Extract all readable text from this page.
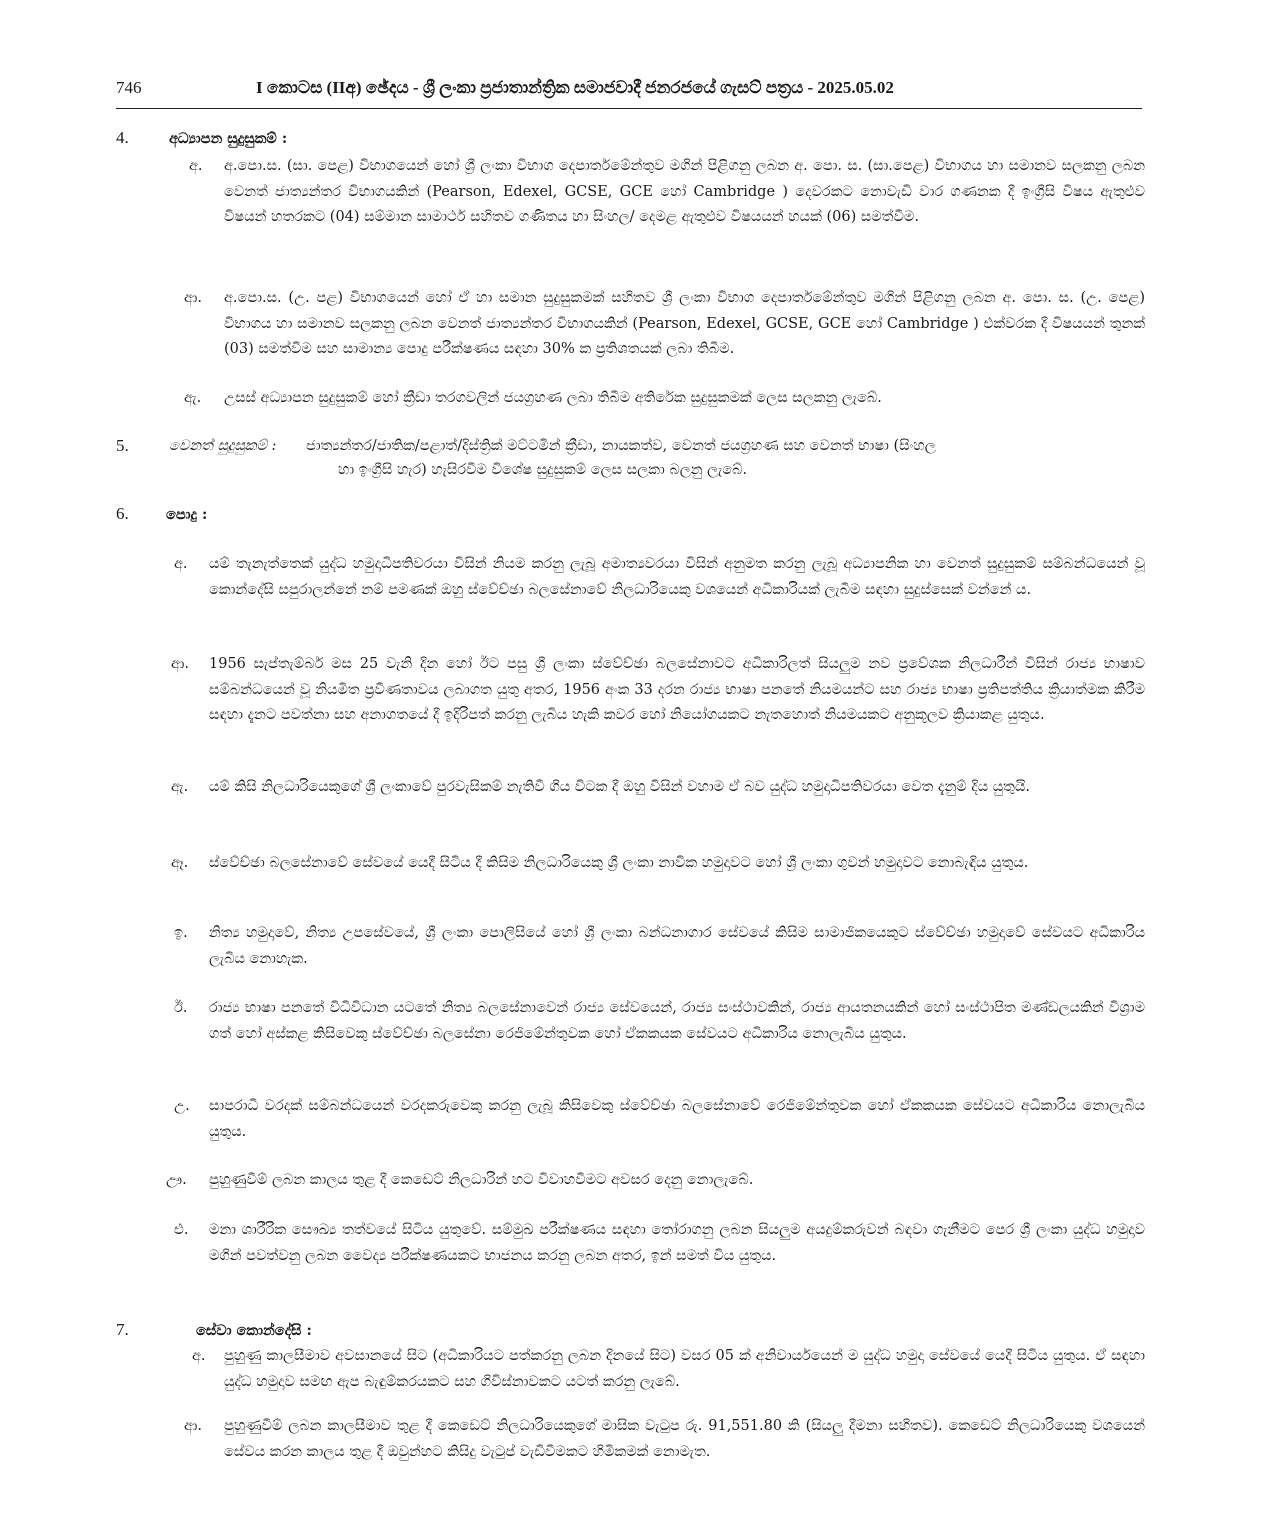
746	I කොටස (IIඅ) ඡේදය - ශ්‍රී ලංකා ප්‍රජාතාන්ත්‍රික සමාජවාදී ජනරජයේ ගැසට් පත්‍රය - 2025.05.02
4.	අධ්‍යාපන සුදුසුකම් :
අ. අ.පො.ස. (සා. පෙළ) විභාගයෙන් හෝ ශ්‍රී ලංකා විභාග දෙපාර්තමේන්තුව මගින් පිළිගනු ලබන අ. පො. ස. (සා.පෙළ) විභාගය හා සමානව සලකනු ලබන වෙනත් ජාත්‍යන්තර විභාගයකින් (Pearson, Edexel, GCSE, GCE හෝ Cambridge ) දෙවරකට නොවැඩි වාර ගණනක දී ඉංග්‍රීසි විෂය ඇතුළුව විෂයන් හතරකට (04) සම්මාන සාමාර්ථ සහිතව ගණිතය හා සිංහල/ දෙමළ ඇතුළුව විෂයයන් හයක් (06) සමත්වීම.
ආ. අ.පො.ස. (උ. පළ) විභාගයෙන් හෝ ඒ හා සමාන සුදුසුකමක් සහිතව ශ්‍රී ලංකා විභාග දෙපාර්තමේන්තුව මගින් පිළිගනු ලබන අ. පො. ස. (උ. පෙළ) විභාගය හා සමානව සලකනු ලබන වෙනත් ජාත්‍යන්තර විභාගයකින් (Pearson, Edexel, GCSE, GCE හෝ Cambridge ) එක්වරක දී විෂයයන් තුනක් (03) සමත්වීම සහ සාමාන්‍ය පොදු පරීක්ෂණය සඳහා 30% ක ප්‍රතිශතයක් ලබා තිබීම.
ඇ. උසස් අධ්‍යාපන සුදුසුකම් හෝ ක්‍රීඩා තරගවලින් ජයග්‍රහණ ලබා තිබීම අතිරේක සුදුසුකමක් ලෙස සලකනු ලැබේ.
5.	වෙනත් සුදුසුකම් : ජාත්‍යන්තර/ජාතික/පළාත්/දිස්ත්‍රික් මට්ටමින් ක්‍රීඩා, නායකත්ව, වෙනත් ජයග්‍රහණ සහ වෙනත් භාෂා (සිංහල
හා ඉංග්‍රීසි හැර) හැසිරවීම විශේෂ සුදුසුකම් ලෙස සලකා බලනු ලැබේ.
6.	පොදු :
අ. යම් තැනැත්තෙක් යුද්ධ හමුදාධිපතිවරයා විසින් නියම කරනු ලැබූ අමාත්‍යවරයා විසින් අනුමත කරනු ලැබූ අධ්‍යාපනික හා වෙනත් සුදුසුකම් සම්බන්ධයෙන් වූ කොන්දේසි සපුරාලන්නේ නම් පමණක් ඔහු ස්වේච්ඡා බලසේනාවේ නිලධාරියෙකු වශයෙන් අධිකාරියක් ලැබීම සඳහා සුදුස්සෙක් වන්නේ ය.
ආ. 1956 සැප්තැම්බර් මස 25 වැනි දින හෝ ඊට පසු ශ්‍රී ලංකා ස්වේච්ඡා බලසේනාවට අධිකාරිලත් සියලුම නව ප්‍රවේශක නිලධාරීන් විසින් රාජ්‍ය භාෂාව සම්බන්ධයෙන් වූ නියමිත ප්‍රවීණතාවය ලබාගත යුතු අතර, 1956 අංක 33 දරන රාජ්‍ය භාෂා පනතේ නියමයන්ට සහ රාජ්‍ය භාෂා ප්‍රතිපත්තිය ක්‍රියාත්මක කිරීම සඳහා දැනට පවත්නා සහ අනාගතයේ දී ඉදිරිපත් කරනු ලැබිය හැකි කවර හෝ නියෝගයකට නැතහොත් නියමයකට අනුකූලව ක්‍රියාකළ යුතුය.
ඇ. යම් කිසි නිලධාරියෙකුගේ ශ්‍රී ලංකාවේ පුරවැසිකම් නැතිවී ගිය විටක දී ඔහු විසින් වහාම ඒ බව යුද්ධ හමුදාධිපතිවරයා වෙත දැනුම් දිය යුතුයි.
ඈ. ස්වේච්ඡා බලසේනාවේ සේවයේ යෙදී සිටිය දී කිසිම නිලධාරියෙකු ශ්‍රී ලංකා නාවික හමුදාවට හෝ ශ්‍රී ලංකා ගුවන් හමුදාවට නොබැඳිය යුතුය.
ඉ. නිත්‍ය හමුදාවේ, නිත්‍ය උපසේවයේ, ශ්‍රී ලංකා පොලිසියේ හෝ ශ්‍රී ලංකා බන්ධනාගාර සේවයේ කිසිම සාමාජිකයෙකුට ස්වේච්ඡා හමුදාවේ සේවයට අධිකාරිය ලැබිය නොහැක.
ඊ. රාජ්‍ය භාෂා පනතේ විධිවිධාන යටතේ නිත්‍ය බලසේනාවෙන් රාජ්‍ය සේවයෙන්, රාජ්‍ය සංස්ථාවකින්, රාජ්‍ය ආයතනයකින් හෝ සංස්ථාපිත මණ්ඩලයකින් විශ්‍රාම ගත් හෝ අස්කළ කිසිවෙකු ස්වේච්ඡා බලසේනා රෙජිමේන්තුවක හෝ ඒකකයක සේවයට අධිකාරිය නොලැබිය යුතුය.
උ. සාපරාධී වරදක් සම්බන්ධයෙන් වරදකරුවෙකු කරනු ලැබූ කිසිවෙකු ස්වේච්ඡා බලසේනාවේ රෙජිමේන්තුවක හෝ ඒකකයක සේවයට අධිකාරිය නොලැබිය යුතුය.
ඌ. පුහුණුවීම් ලබන කාලය තුළ දී කෙඩෙට් නිලධාරින් හට විවාහවීමට අවසර දෙනු නොලැබේ.
එ. මනා ශාරීරික සෞඛ්‍ය තත්වයේ සිටිය යුතුවේ. සම්මුඛ පරීක්ෂණය සඳහා තෝරාගනු ලබන සියලුම අයදුම්කරුවන් බඳවා ගැනීමට පෙර ශ්‍රී ලංකා යුද්ධ හමුදාව මගින් පවත්වනු ලබන වෛද්‍ය පරීක්ෂණයකට භාජනය කරනු ලබන අතර, ඉන් සමත් විය යුතුය.
7.	සේවා කොන්දේසි :
අ. පුහුණු කාලසීමාව අවසානයේ සිට (අධිකාරියට පත්කරනු ලබන දිනයේ සිට) වසර 05 ක් අනිවාර්යයෙන් ම යුද්ධ හමුදා සේවයේ යෙදී සිටිය යුතුය. ඒ සඳහා යුද්ධ හමුදාව සමඟ ඇප බැඳුම්කරයකට සහ ගිවිස්නාවකට යටත් කරනු ලැබේ.
ආ. පුහුණුවීම් ලබන කාලසීමාව තුළ දී කෙඩෙට් නිලධාරියෙකුගේ මාසික වැටුප රු. 91,551.80 කි (සියලු දීමනා සහිතව). කෙඩෙට් නිලධාරියෙකු වශයෙන් සේවය කරන කාලය තුළ දී ඔවුන්හට කිසිදු වැටුප් වැඩිවීමකට හිමිකමක් නොමැත.
